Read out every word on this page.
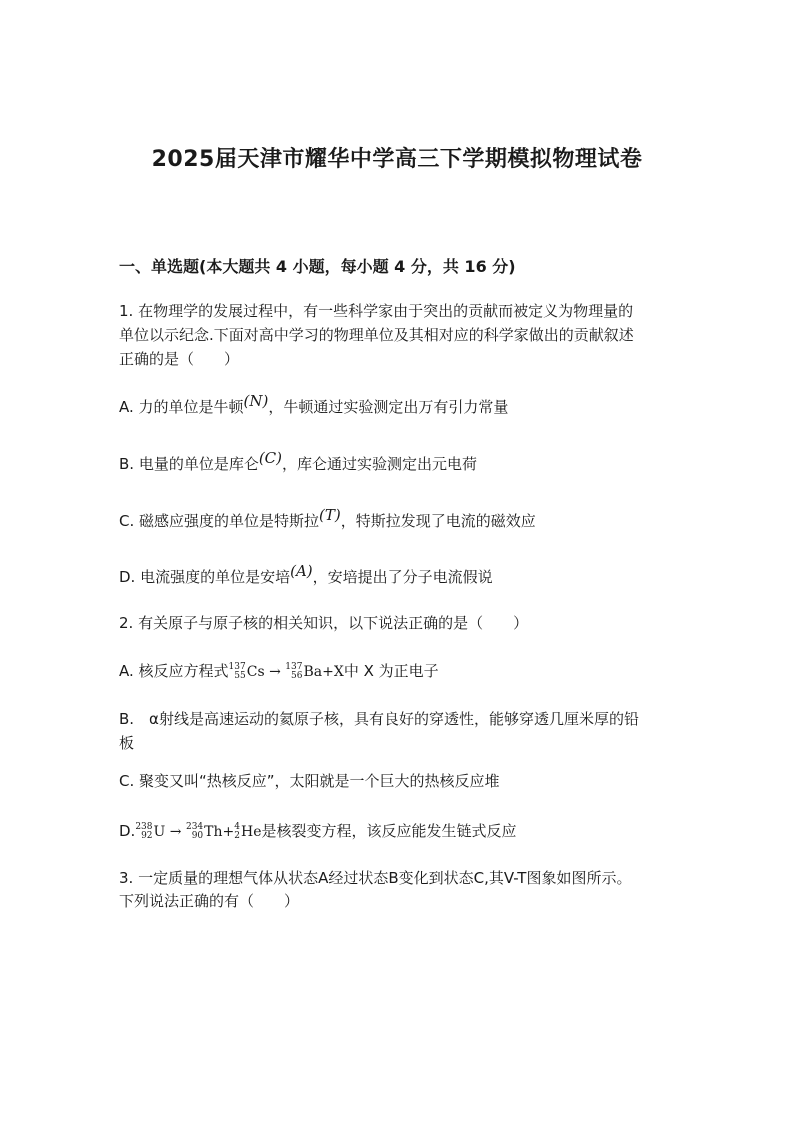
2025届天津市耀华中学高三下学期模拟物理试卷
一、单选题(本大题共 4 小题，每小题 4 分，共 16 分)
1. 在物理学的发展过程中，有一些科学家由于突出的贡献而被定义为物理量的
单位以示纪念.下面对高中学习的物理单位及其相对应的科学家做出的贡献叙述
正确的是（　　）
A. 力的单位是牛顿(N)，牛顿通过实验测定出万有引力常量
B. 电量的单位是库仑(C)，库仑通过实验测定出元电荷
C. 磁感应强度的单位是特斯拉(T)，特斯拉发现了电流的磁效应
D. 电流强度的单位是安培(A)，安培提出了分子电流假说
2. 有关原子与原子核的相关知识，以下说法正确的是（　　）
A. 核反应方程式 137
55 Cs → 137
56 Ba+X中 X 为正电子
B.　α射线是高速运动的氦原子核，具有良好的穿透性，能够穿透几厘米厚的铅
板
C. 聚变又叫“热核反应”，太阳就是一个巨大的热核反应堆
D. 238
92 U → 234
90 Th+ 4
2 He是核裂变方程，该反应能发生链式反应
3. 一定质量的理想气体从状态A经过状态B变化到状态C,其V-T图象如图所示。
下列说法正确的有（　　）
